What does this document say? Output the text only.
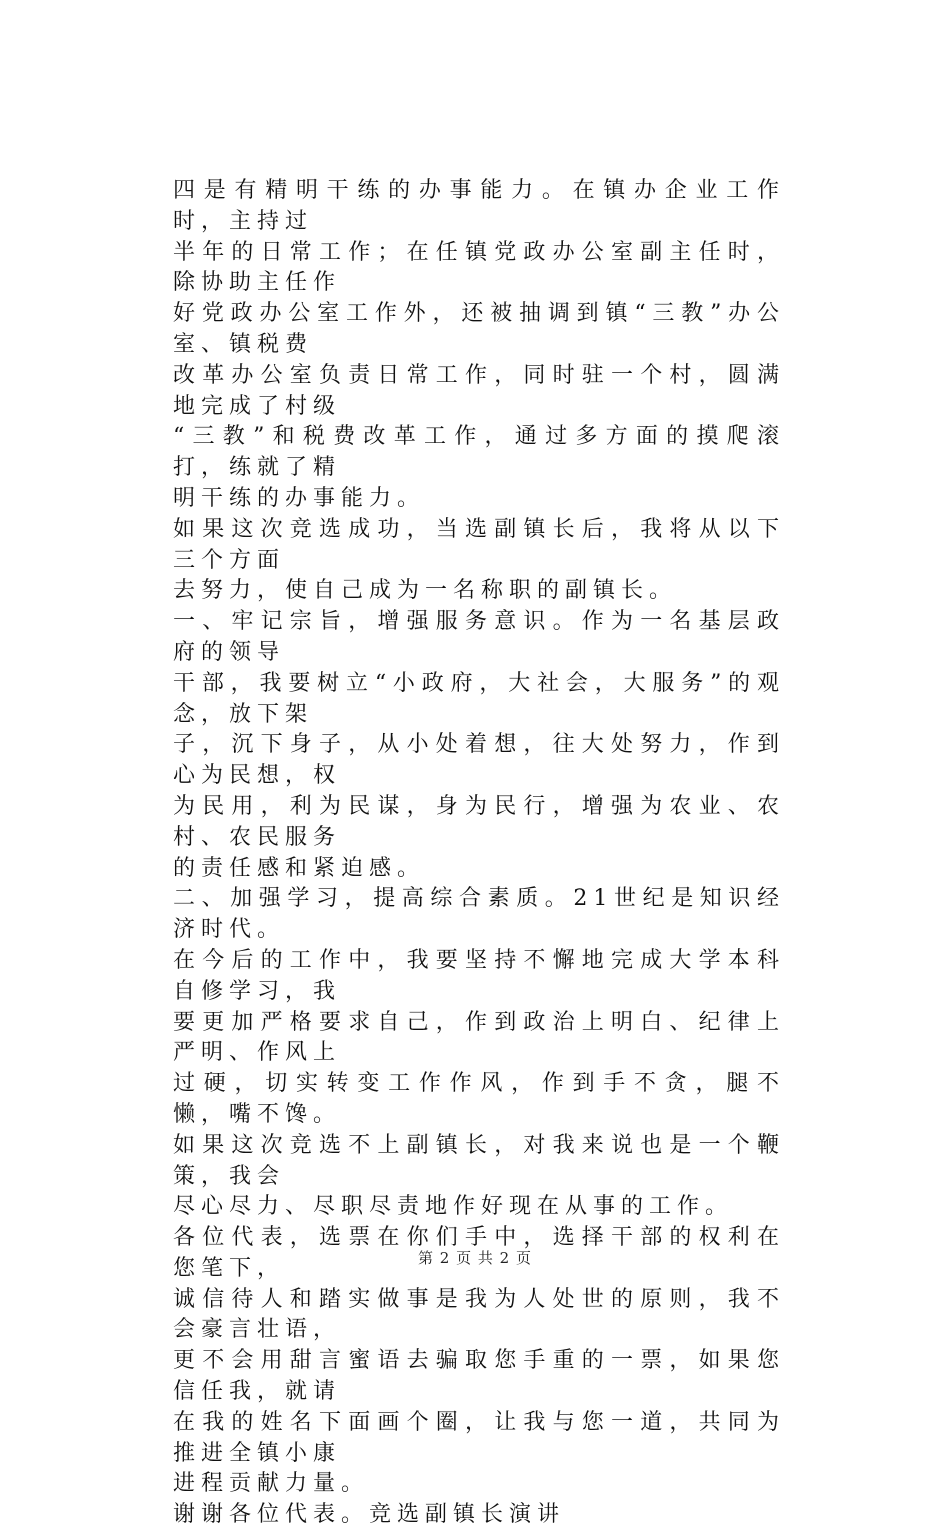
四是有精明干练的办事能力。在镇办企业工作时，主持过
半年的日常工作；在任镇党政办公室副主任时，除协助主任作
好党政办公室工作外，还被抽调到镇“三教”办公室、镇税费
改革办公室负责日常工作，同时驻一个村，圆满地完成了村级
“三教”和税费改革工作，通过多方面的摸爬滚打，练就了精
明干练的办事能力。

如果这次竞选成功，当选副镇长后，我将从以下三个方面
去努力，使自己成为一名称职的副镇长。

一、牢记宗旨，增强服务意识。作为一名基层政府的领导
干部，我要树立“小政府，大社会，大服务”的观念，放下架
子，沉下身子，从小处着想，往大处努力，作到心为民想，权
为民用，利为民谋，身为民行，增强为农业、农村、农民服务
的责任感和紧迫感。

二、加强学习，提高综合素质。21世纪是知识经济时代。
在今后的工作中，我要坚持不懈地完成大学本科自修学习，我
要更加严格要求自己，作到政治上明白、纪律上严明、作风上
过硬，切实转变工作作风，作到手不贪，腿不懒，嘴不馋。

如果这次竞选不上副镇长，对我来说也是一个鞭策，我会
尽心尽力、尽职尽责地作好现在从事的工作。

各位代表，选票在你们手中，选择干部的权利在您笔下，
诚信待人和踏实做事是我为人处世的原则，我不会豪言壮语，
更不会用甜言蜜语去骗取您手重的一票，如果您信任我，就请
在我的姓名下面画个圈，让我与您一道，共同为推进全镇小康
进程贡献力量。

谢谢各位代表。竞选副镇长演讲

第 2 页 共 2 页
